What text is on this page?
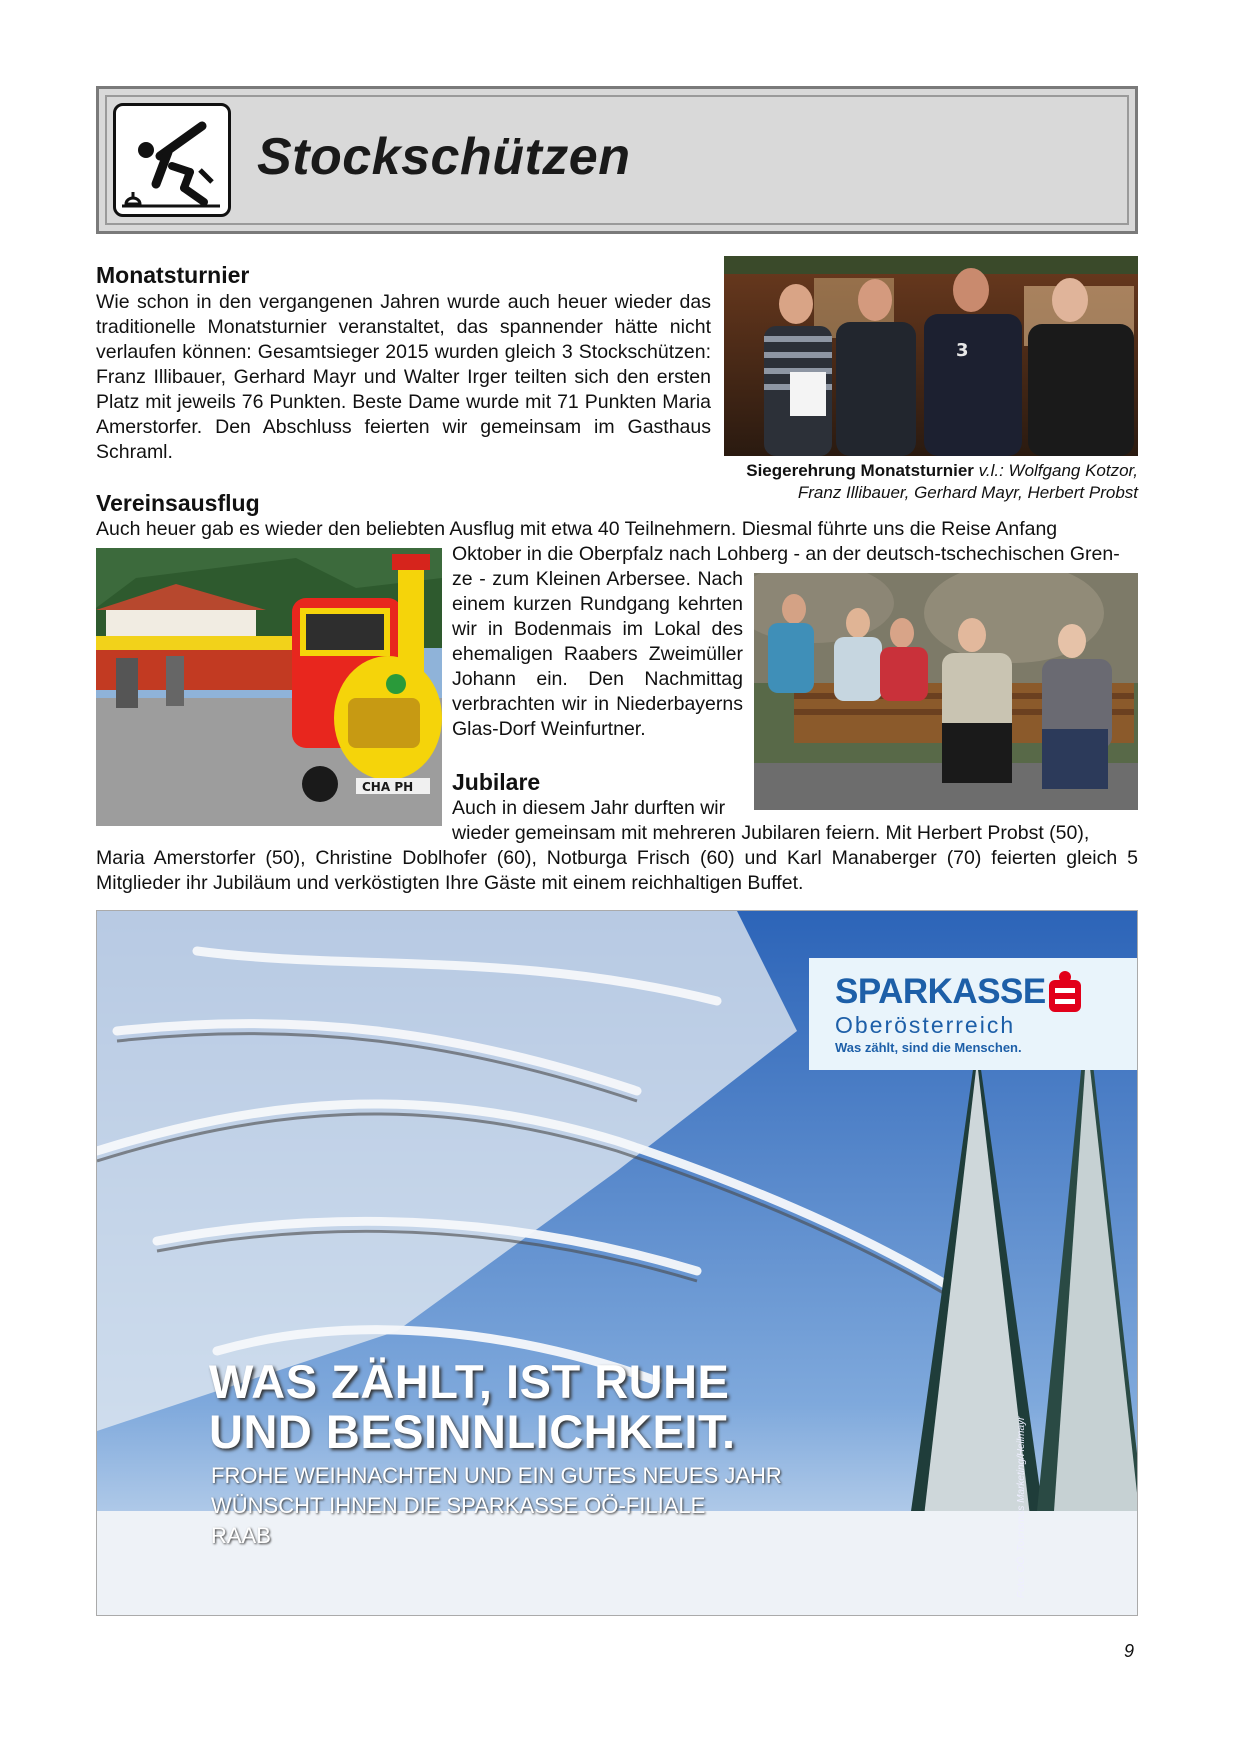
Stockschützen
Monatsturnier

Wie schon in den vergangenen Jahren wurde auch heuer wieder das traditionelle Monatsturnier veranstaltet, das spannender hätte nicht verlaufen können: Gesamtsieger 2015 wurden gleich 3 Stockschützen: Franz Illibauer, Gerhard Mayr und Walter Irger teilten sich den ersten Platz mit jeweils 76 Punkten. Beste Dame wurde mit 71 Punkten Maria Amerstorfer. Den Abschluss feierten wir gemeinsam im Gasthaus Schraml.

3

Siegerehrung Monatsturnier v.l.: Wolfgang Kotzor,
Franz Illibauer, Gerhard Mayr, Herbert Probst

Vereinsausflug

Auch heuer gab es wieder den beliebten Ausflug mit etwa 40 Teilnehmern. Diesmal führte uns die Reise Anfang

CHA PH

Oktober in die Oberpfalz nach Lohberg - an der deutsch-tschechischen Gren-

ze - zum Kleinen Arbersee. Nach einem kurzen Rundgang kehrten wir in Bodenmais im Lokal des ehemaligen Raabers Zweimüller Johann ein. Den Nachmittag verbrachten wir in Niederbayerns Glas-Dorf Weinfurtner.

Jubilare

Auch in diesem Jahr durften wir

wieder gemeinsam mit mehreren Jubilaren feiern. Mit Herbert Probst (50),

Maria Amerstorfer (50), Christine Doblhofer (60), Notburga Frisch (60) und Karl Manaberger (70) feierten gleich 5 Mitglieder ihr Jubiläum und verköstigten Ihre Gäste mit einem reichhaltigen Buffet.

SPARKASSE
Oberösterreich
Was zählt, sind die Menschen.
WAS ZÄHLT, IST RUHE
UND BESINNLICHKEIT.
FROHE WEIHNACHTEN UND EIN GUTES NEUES JAHR
WÜNSCHT IHNEN DIE SPARKASSE OÖ-FILIALE
RAAB	Foto: OÖ. Tourismus Marketing/Heilmayr
9
